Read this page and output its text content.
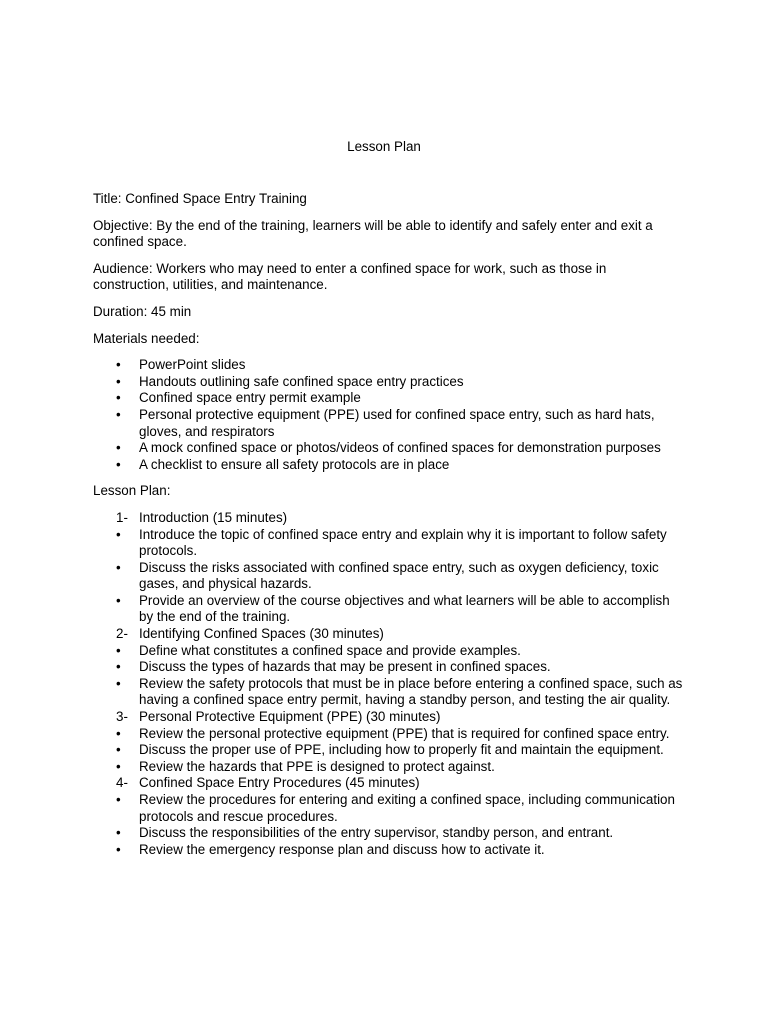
Lesson Plan

Title: Confined Space Entry Training

Objective: By the end of the training, learners will be able to identify and safely enter and exit a confined space.

Audience: Workers who may need to enter a confined space for work, such as those in construction, utilities, and maintenance.

Duration: 45 min

Materials needed:

•	PowerPoint slides
•	Handouts outlining safe confined space entry practices
•	Confined space entry permit example
•	Personal protective equipment (PPE) used for confined space entry, such as hard hats, gloves, and respirators
•	A mock confined space or photos/videos of confined spaces for demonstration purposes
•	A checklist to ensure all safety protocols are in place

Lesson Plan:

1- Introduction (15 minutes)
•	Introduce the topic of confined space entry and explain why it is important to follow safety protocols.
•	Discuss the risks associated with confined space entry, such as oxygen deficiency, toxic gases, and physical hazards.
•	Provide an overview of the course objectives and what learners will be able to accomplish by the end of the training.
2- Identifying Confined Spaces (30 minutes)
•	Define what constitutes a confined space and provide examples.
•	Discuss the types of hazards that may be present in confined spaces.
•	Review the safety protocols that must be in place before entering a confined space, such as having a confined space entry permit, having a standby person, and testing the air quality.
3- Personal Protective Equipment (PPE) (30 minutes)
•	Review the personal protective equipment (PPE) that is required for confined space entry.
•	Discuss the proper use of PPE, including how to properly fit and maintain the equipment.
•	Review the hazards that PPE is designed to protect against.
4- Confined Space Entry Procedures (45 minutes)
•	Review the procedures for entering and exiting a confined space, including communication protocols and rescue procedures.
•	Discuss the responsibilities of the entry supervisor, standby person, and entrant.
•	Review the emergency response plan and discuss how to activate it.
